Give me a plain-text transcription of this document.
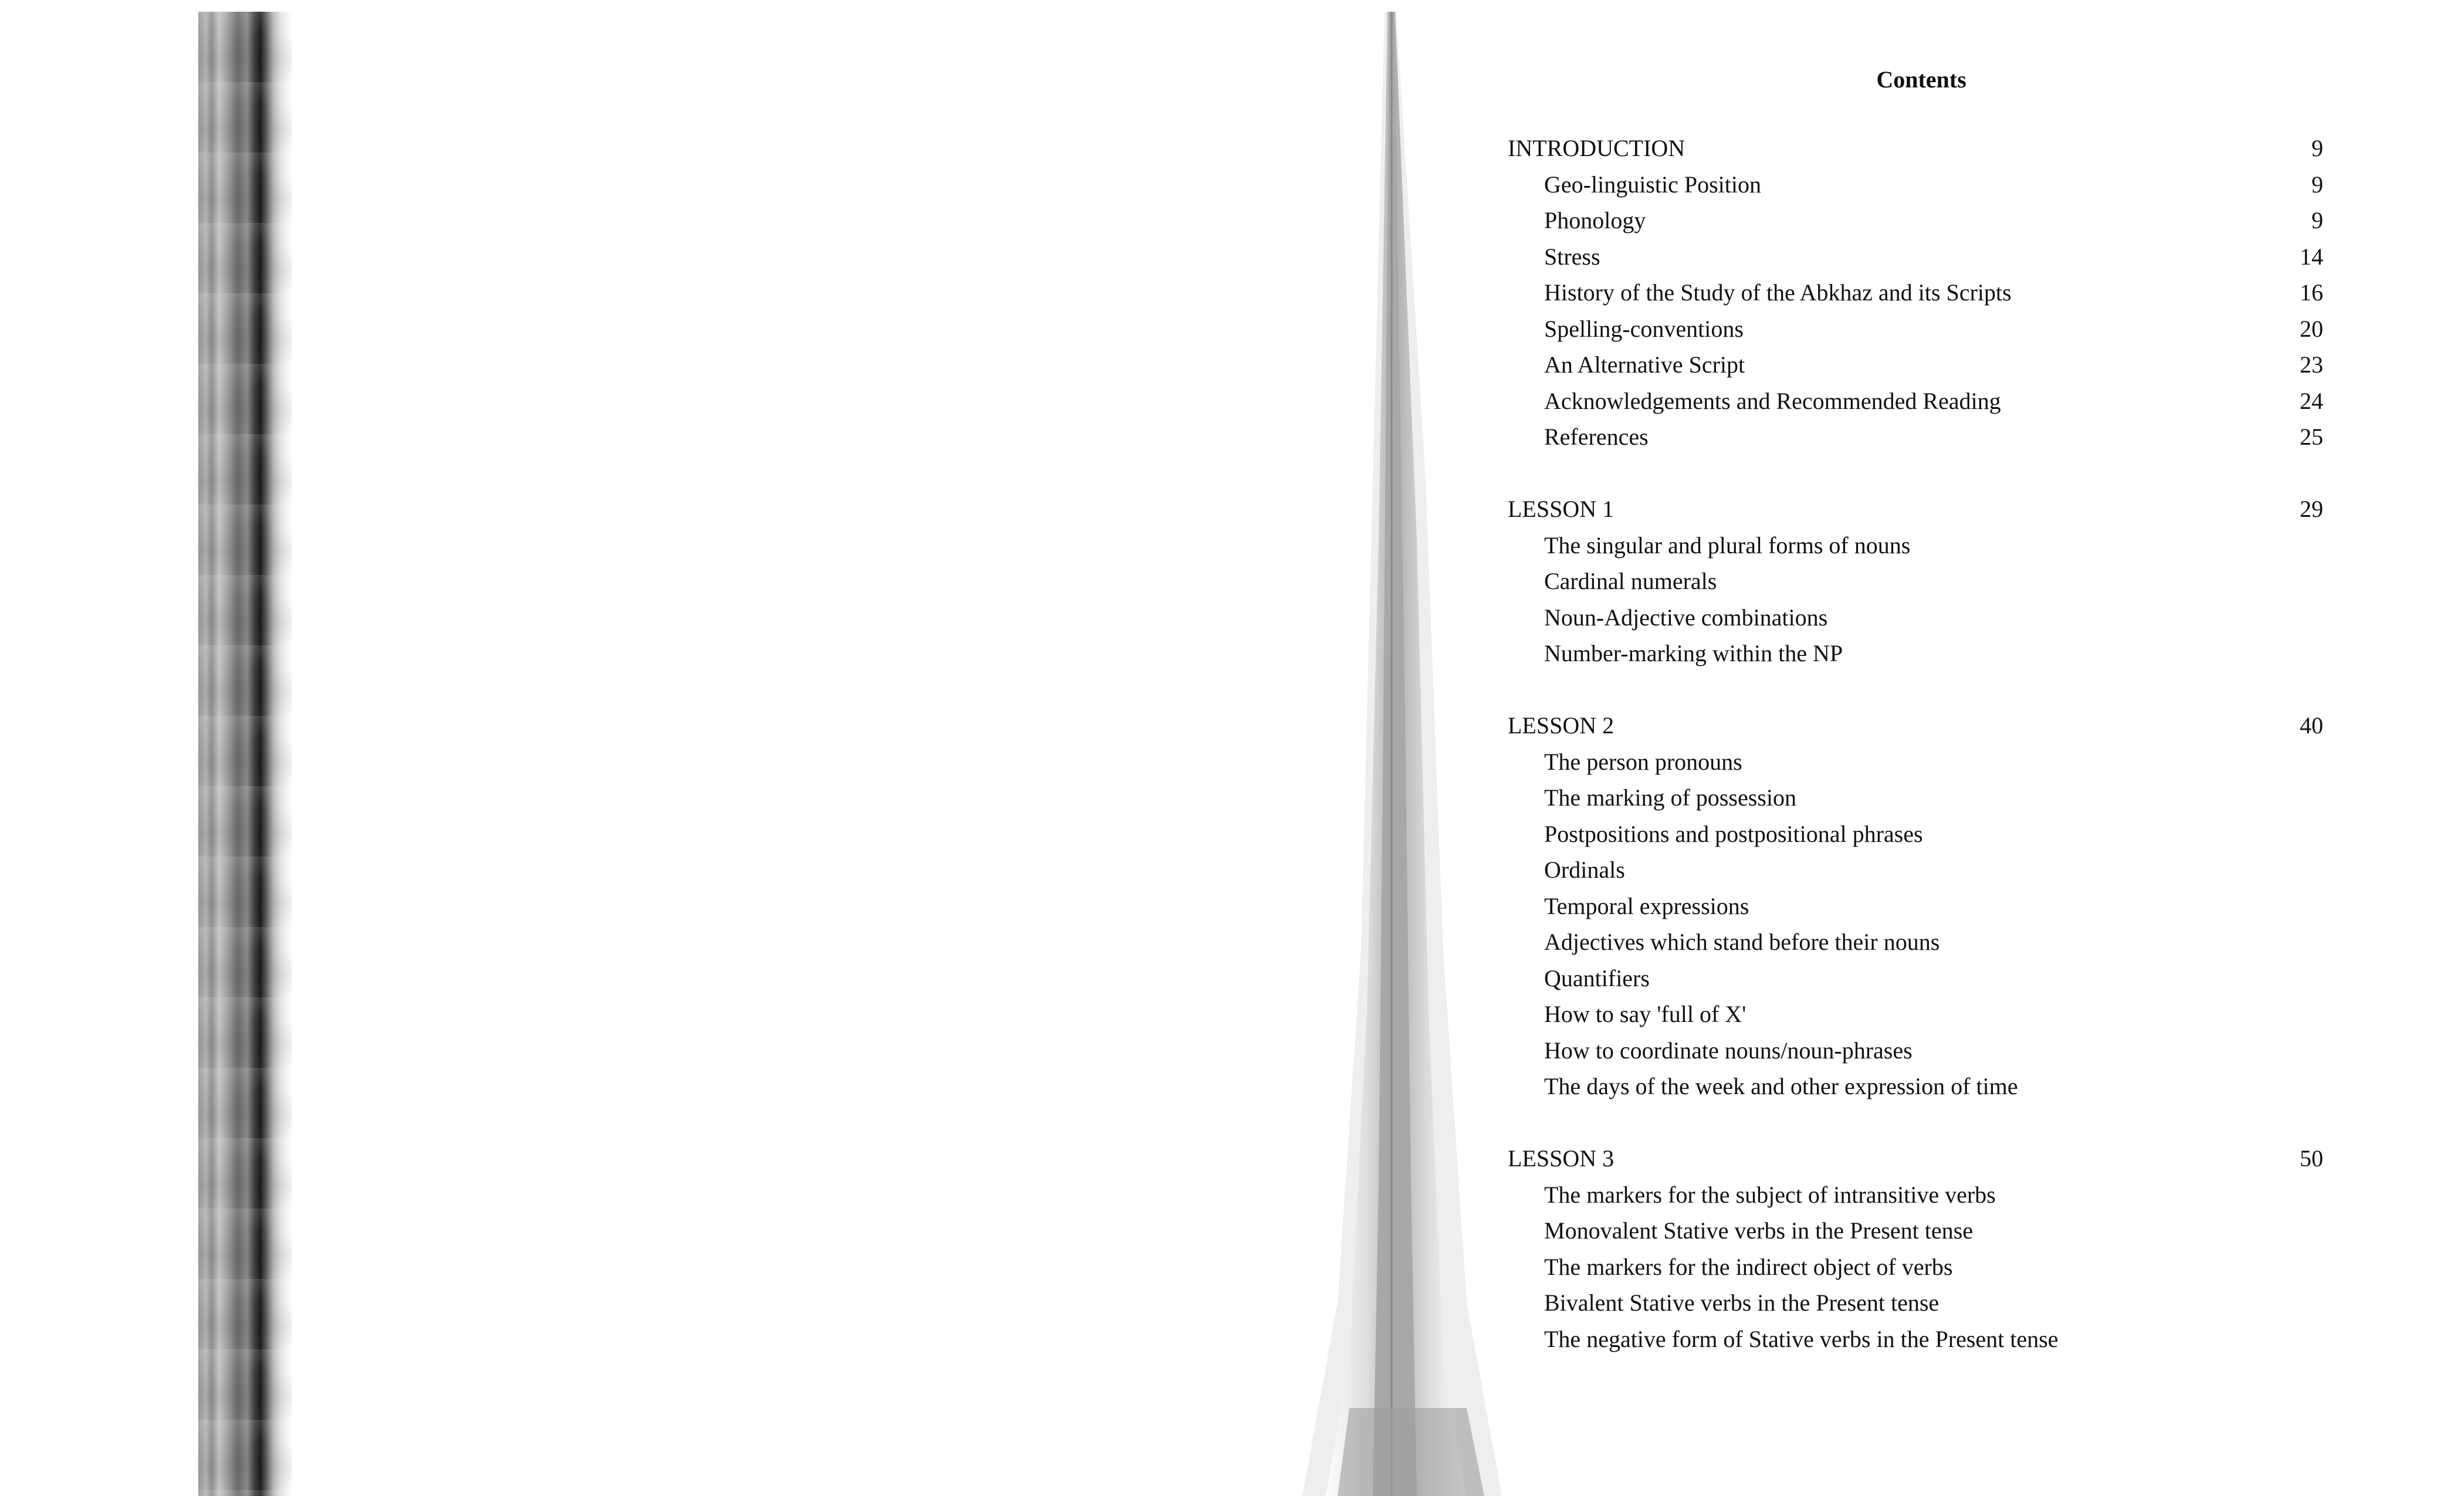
Contents
INTRODUCTION	9
Geo-linguistic Position	9
Phonology	9
Stress	14
History of the Study of the Abkhaz and its Scripts	16
Spelling-conventions	20
An Alternative Script	23
Acknowledgements and Recommended Reading	24
References	25
LESSON 1	29
The singular and plural forms of nouns
Cardinal numerals
Noun-Adjective combinations
Number-marking within the NP
LESSON 2	40
The person pronouns
The marking of possession
Postpositions and postpositional phrases
Ordinals
Temporal expressions
Adjectives which stand before their nouns
Quantifiers
How to say 'full of X'
How to coordinate nouns/noun-phrases
The days of the week and other expression of time
LESSON 3	50
The markers for the subject of intransitive verbs
Monovalent Stative verbs in the Present tense
The markers for the indirect object of verbs
Bivalent Stative verbs in the Present tense
The negative form of Stative verbs in the Present tense
